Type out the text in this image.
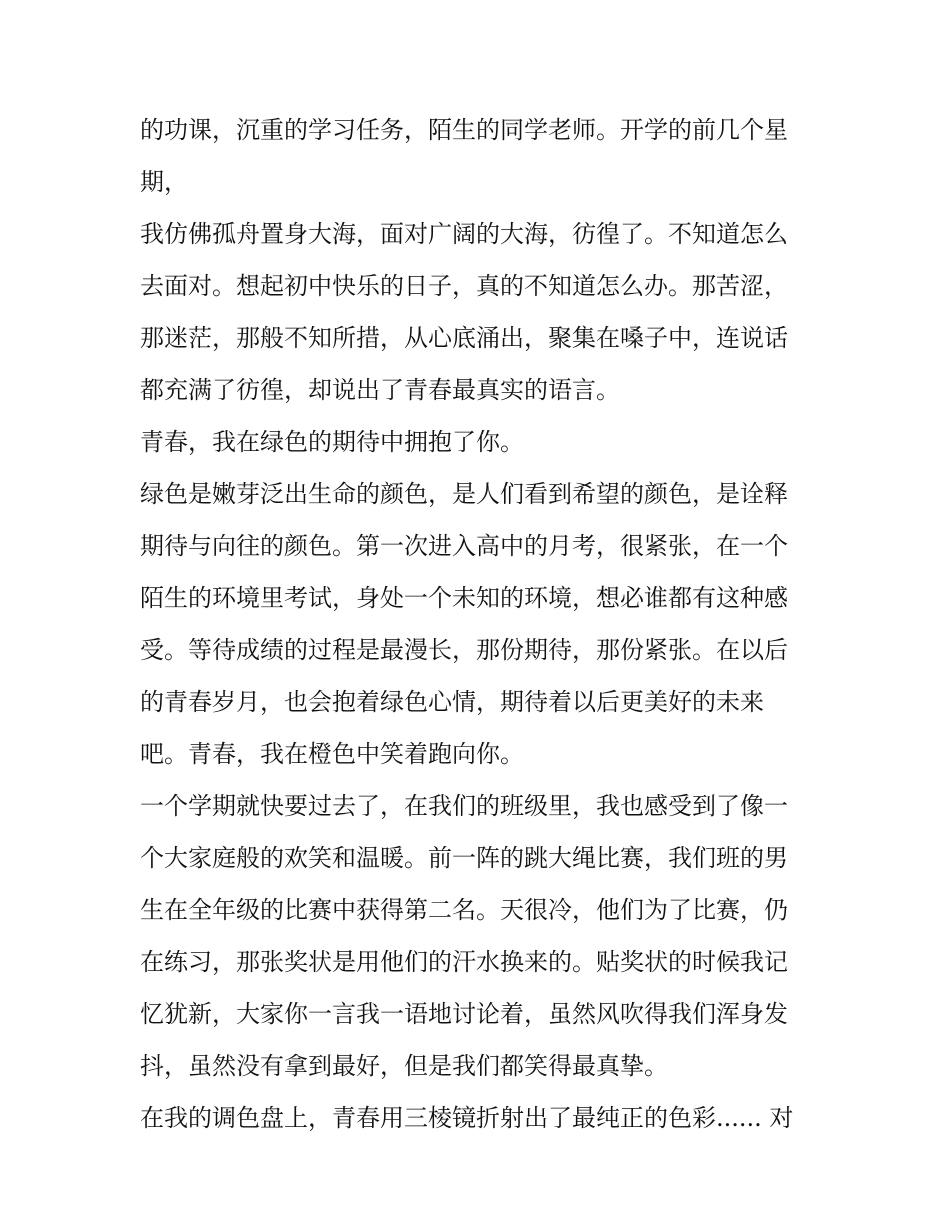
的功课，沉重的学习任务，陌生的同学老师。开学的前几个星
期，
我仿佛孤舟置身大海，面对广阔的大海，彷徨了。不知道怎么
去面对。想起初中快乐的日子，真的不知道怎么办。那苦涩，
那迷茫，那般不知所措，从心底涌出，聚集在嗓子中，连说话
都充满了彷徨，却说出了青春最真实的语言。
青春，我在绿色的期待中拥抱了你。
绿色是嫩芽泛出生命的颜色，是人们看到希望的颜色，是诠释
期待与向往的颜色。第一次进入高中的月考，很紧张，在一个
陌生的环境里考试，身处一个未知的环境，想必谁都有这种感
受。等待成绩的过程是最漫长，那份期待，那份紧张。在以后
的青春岁月，也会抱着绿色心情，期待着以后更美好的未来
吧。青春，我在橙色中笑着跑向你。
一个学期就快要过去了，在我们的班级里，我也感受到了像一
个大家庭般的欢笑和温暖。前一阵的跳大绳比赛，我们班的男
生在全年级的比赛中获得第二名。天很冷，他们为了比赛，仍
在练习，那张奖状是用他们的汗水换来的。贴奖状的时候我记
忆犹新，大家你一言我一语地讨论着，虽然风吹得我们浑身发
抖，虽然没有拿到最好，但是我们都笑得最真挚。
在我的调色盘上，青春用三棱镜折射出了最纯正的色彩...... 对
